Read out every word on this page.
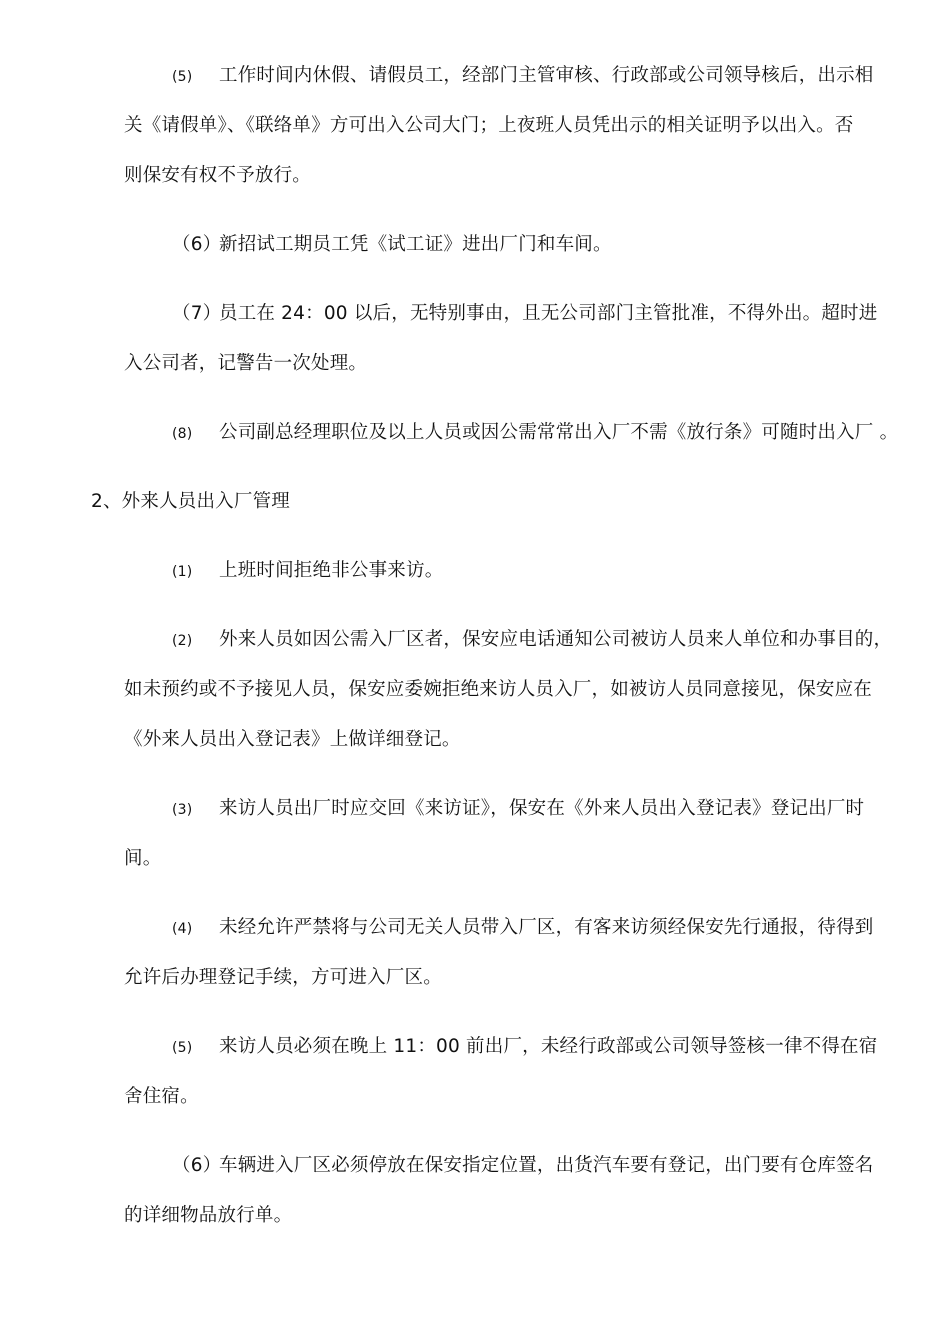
(5) 工作时间内休假、请假员工，经部门主管审核、行政部或公司领导核后，出示相
关《请假单》、《联络单》方可出入公司大门；上夜班人员凭出示的相关证明予以出入。否
则保安有权不予放行。
（6）新招试工期员工凭《试工证》进出厂门和车间。
（7）员工在 24：00 以后，无特别事由，且无公司部门主管批准，不得外出。超时进
入公司者，记警告一次处理。
(8) 公司副总经理职位及以上人员或因公需常常出入厂不需《放行条》可随时出入厂 。
2、外来人员出入厂管理
(1) 上班时间拒绝非公事来访。
(2) 外来人员如因公需入厂区者，保安应电话通知公司被访人员来人单位和办事目的，
如未预约或不予接见人员，保安应委婉拒绝来访人员入厂，如被访人员同意接见，保安应在
《外来人员出入登记表》上做详细登记。
(3) 来访人员出厂时应交回《来访证》，保安在《外来人员出入登记表》登记出厂时
间。
(4) 未经允许严禁将与公司无关人员带入厂区，有客来访须经保安先行通报，待得到
允许后办理登记手续，方可进入厂区。
(5) 来访人员必须在晚上 11：00 前出厂，未经行政部或公司领导签核一律不得在宿
舍住宿。
（6）车辆进入厂区必须停放在保安指定位置，出货汽车要有登记，出门要有仓库签名
的详细物品放行单。
